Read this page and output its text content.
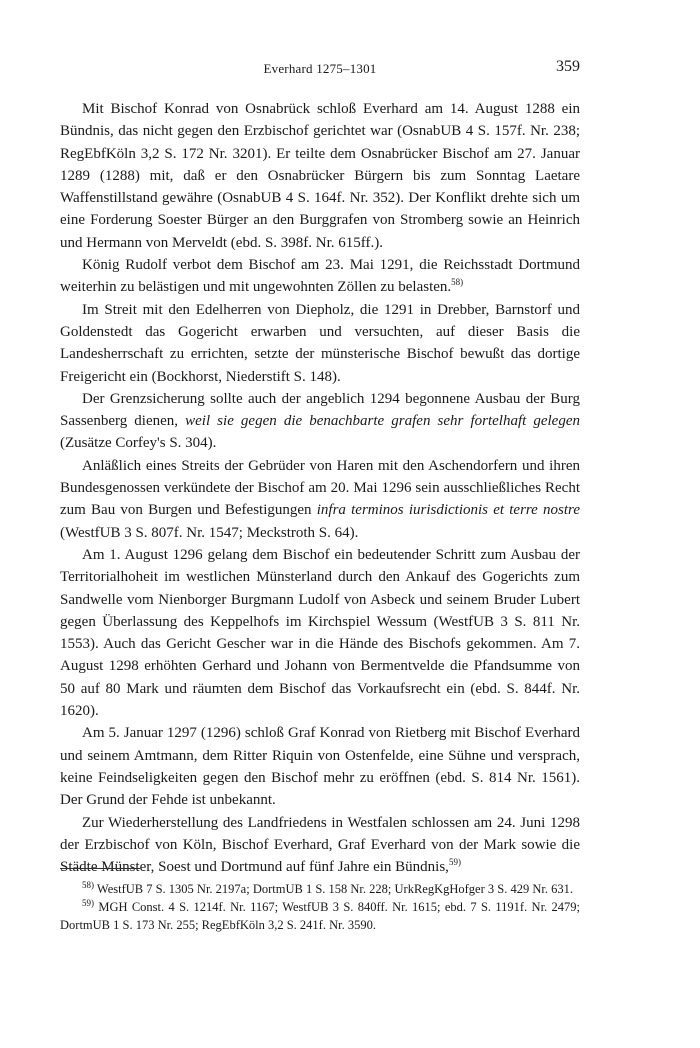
Everhard 1275–1301	359

Mit Bischof Konrad von Osnabrück schloß Everhard am 14. August 1288 ein Bündnis, das nicht gegen den Erzbischof gerichtet war (OsnabUB 4 S. 157f. Nr. 238; RegEbfKöln 3,2 S. 172 Nr. 3201). Er teilte dem Osnabrücker Bischof am 27. Januar 1289 (1288) mit, daß er den Osnabrücker Bürgern bis zum Sonntag Laetare Waffenstillstand gewähre (OsnabUB 4 S. 164f. Nr. 352). Der Konflikt drehte sich um eine Forderung Soester Bürger an den Burggrafen von Stromberg sowie an Heinrich und Hermann von Merveldt (ebd. S. 398f. Nr. 615ff.).

König Rudolf verbot dem Bischof am 23. Mai 1291, die Reichsstadt Dortmund weiterhin zu belästigen und mit ungewohnten Zöllen zu belasten.$^{58)}$

Im Streit mit den Edelherren von Diepholz, die 1291 in Drebber, Barnstorf und Goldenstedt das Gogericht erwarben und versuchten, auf dieser Basis die Landesherrschaft zu errichten, setzte der münsterische Bischof bewußt das dortige Freigericht ein (Bockhorst, Niederstift S. 148).

Der Grenzsicherung sollte auch der angeblich 1294 begonnene Ausbau der Burg Sassenberg dienen, weil sie gegen die benachbarte grafen sehr fortelhaft gelegen (Zusätze Corfey's S. 304).

Anläßlich eines Streits der Gebrüder von Haren mit den Aschendorfern und ihren Bundesgenossen verkündete der Bischof am 20. Mai 1296 sein ausschließliches Recht zum Bau von Burgen und Befestigungen infra terminos iurisdictionis et terre nostre (WestfUB 3 S. 807f. Nr. 1547; Meckstroth S. 64).

Am 1. August 1296 gelang dem Bischof ein bedeutender Schritt zum Ausbau der Territorialhoheit im westlichen Münsterland durch den Ankauf des Gogerichts zum Sandwelle vom Nienborger Burgmann Ludolf von Asbeck und seinem Bruder Lubert gegen Überlassung des Keppelhofs im Kirchspiel Wessum (WestfUB 3 S. 811 Nr. 1553). Auch das Gericht Gescher war in die Hände des Bischofs gekommen. Am 7. August 1298 erhöhten Gerhard und Johann von Bermentvelde die Pfandsumme von 50 auf 80 Mark und räumten dem Bischof das Vorkaufsrecht ein (ebd. S. 844f. Nr. 1620).

Am 5. Januar 1297 (1296) schloß Graf Konrad von Rietberg mit Bischof Everhard und seinem Amtmann, dem Ritter Riquin von Ostenfelde, eine Sühne und versprach, keine Feindseligkeiten gegen den Bischof mehr zu eröffnen (ebd. S. 814 Nr. 1561). Der Grund der Fehde ist unbekannt.

Zur Wiederherstellung des Landfriedens in Westfalen schlossen am 24. Juni 1298 der Erzbischof von Köln, Bischof Everhard, Graf Everhard von der Mark sowie die Städte Münster, Soest und Dortmund auf fünf Jahre ein Bündnis,$^{59)}$

$^{58)}$ WestfUB 7 S. 1305 Nr. 2197a; DortmUB 1 S. 158 Nr. 228; UrkRegKgHofger 3 S. 429 Nr. 631.

$^{59)}$ MGH Const. 4 S. 1214f. Nr. 1167; WestfUB 3 S. 840ff. Nr. 1615; ebd. 7 S. 1191f. Nr. 2479; DortmUB 1 S. 173 Nr. 255; RegEbfKöln 3,2 S. 241f. Nr. 3590.
